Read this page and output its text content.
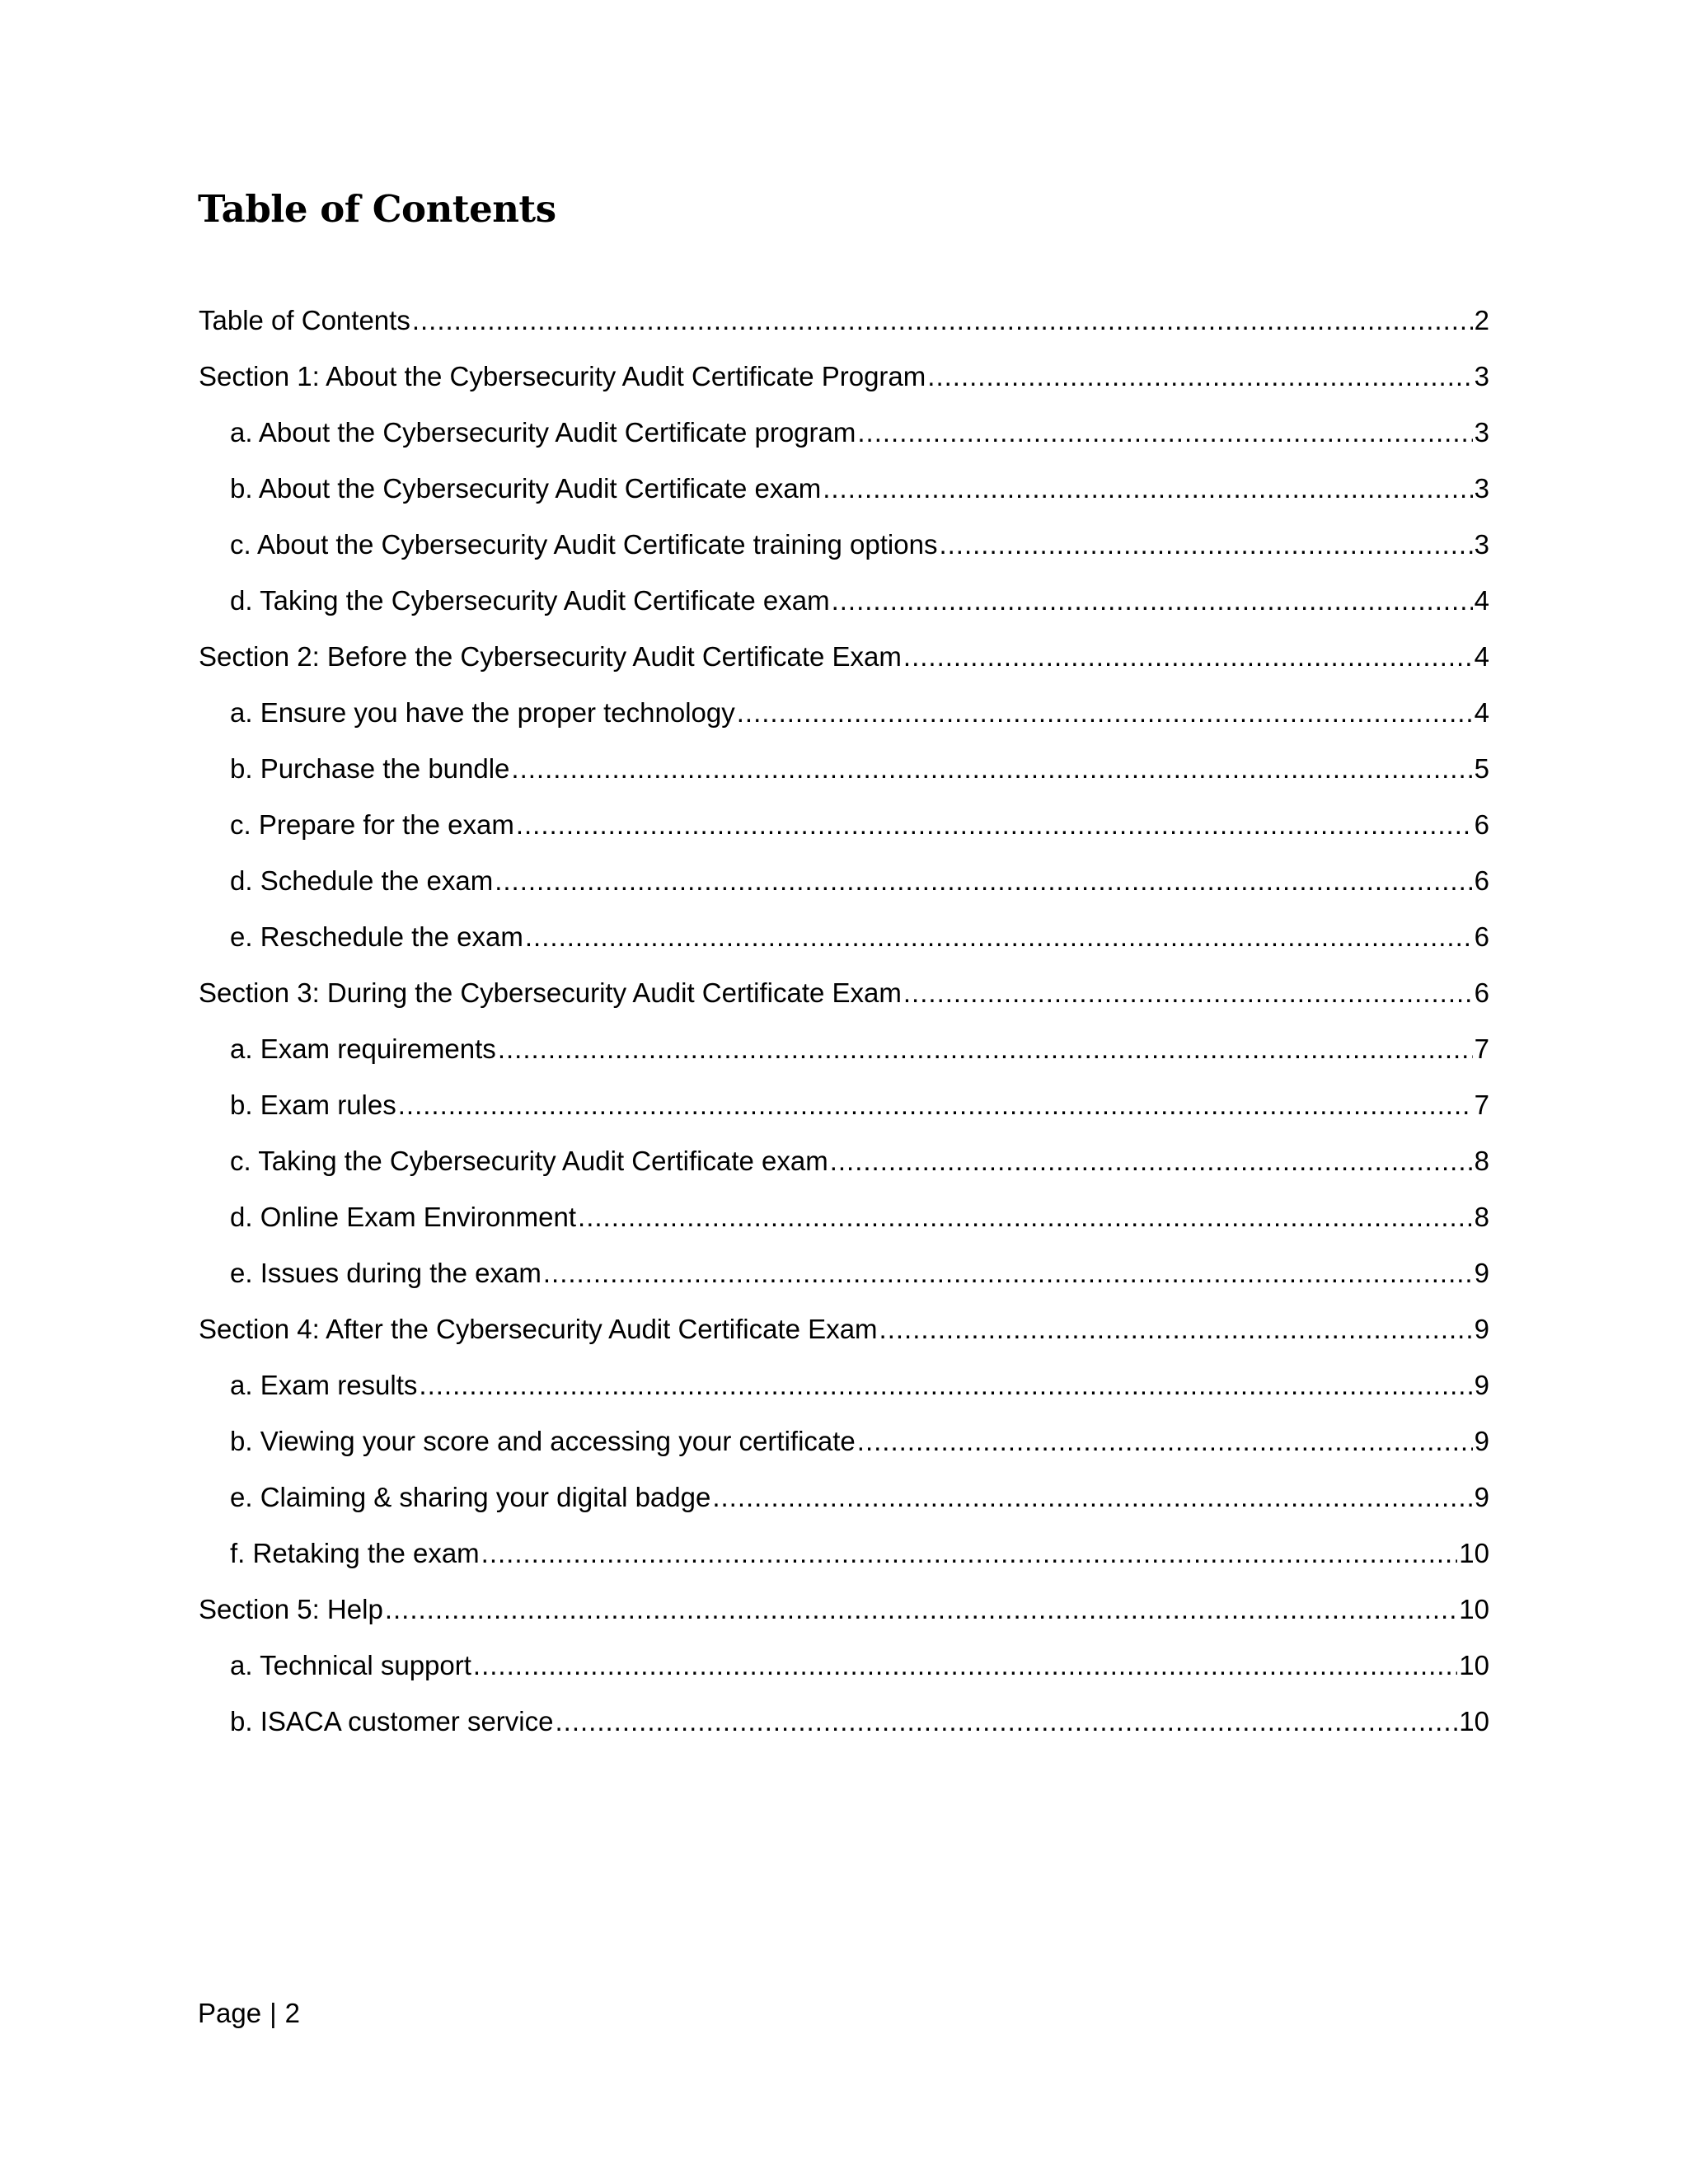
Table of Contents
Table of Contents .....	2
Section 1: About the Cybersecurity Audit Certificate Program .....	3
a. About the Cybersecurity Audit Certificate program .....	3
b. About the Cybersecurity Audit Certificate exam .....	3
c. About the Cybersecurity Audit Certificate training options .....	3
d. Taking the Cybersecurity Audit Certificate exam .....	4
Section 2: Before the Cybersecurity Audit Certificate Exam .....	4
a. Ensure you have the proper technology .....	4
b. Purchase the bundle .....	5
c. Prepare for the exam .....	6
d. Schedule the exam .....	6
e. Reschedule the exam .....	6
Section 3: During the Cybersecurity Audit Certificate Exam .....	6
a. Exam requirements .....	7
b. Exam rules .....	7
c. Taking the Cybersecurity Audit Certificate exam .....	8
d. Online Exam Environment .....	8
e. Issues during the exam .....	9
Section 4: After the Cybersecurity Audit Certificate Exam .....	9
a. Exam results .....	9
b. Viewing your score and accessing your certificate .....	9
e. Claiming & sharing your digital badge .....	9
f. Retaking the exam .....	10
Section 5: Help .....	10
a. Technical support .....	10
b. ISACA customer service .....	10
Page | 2
